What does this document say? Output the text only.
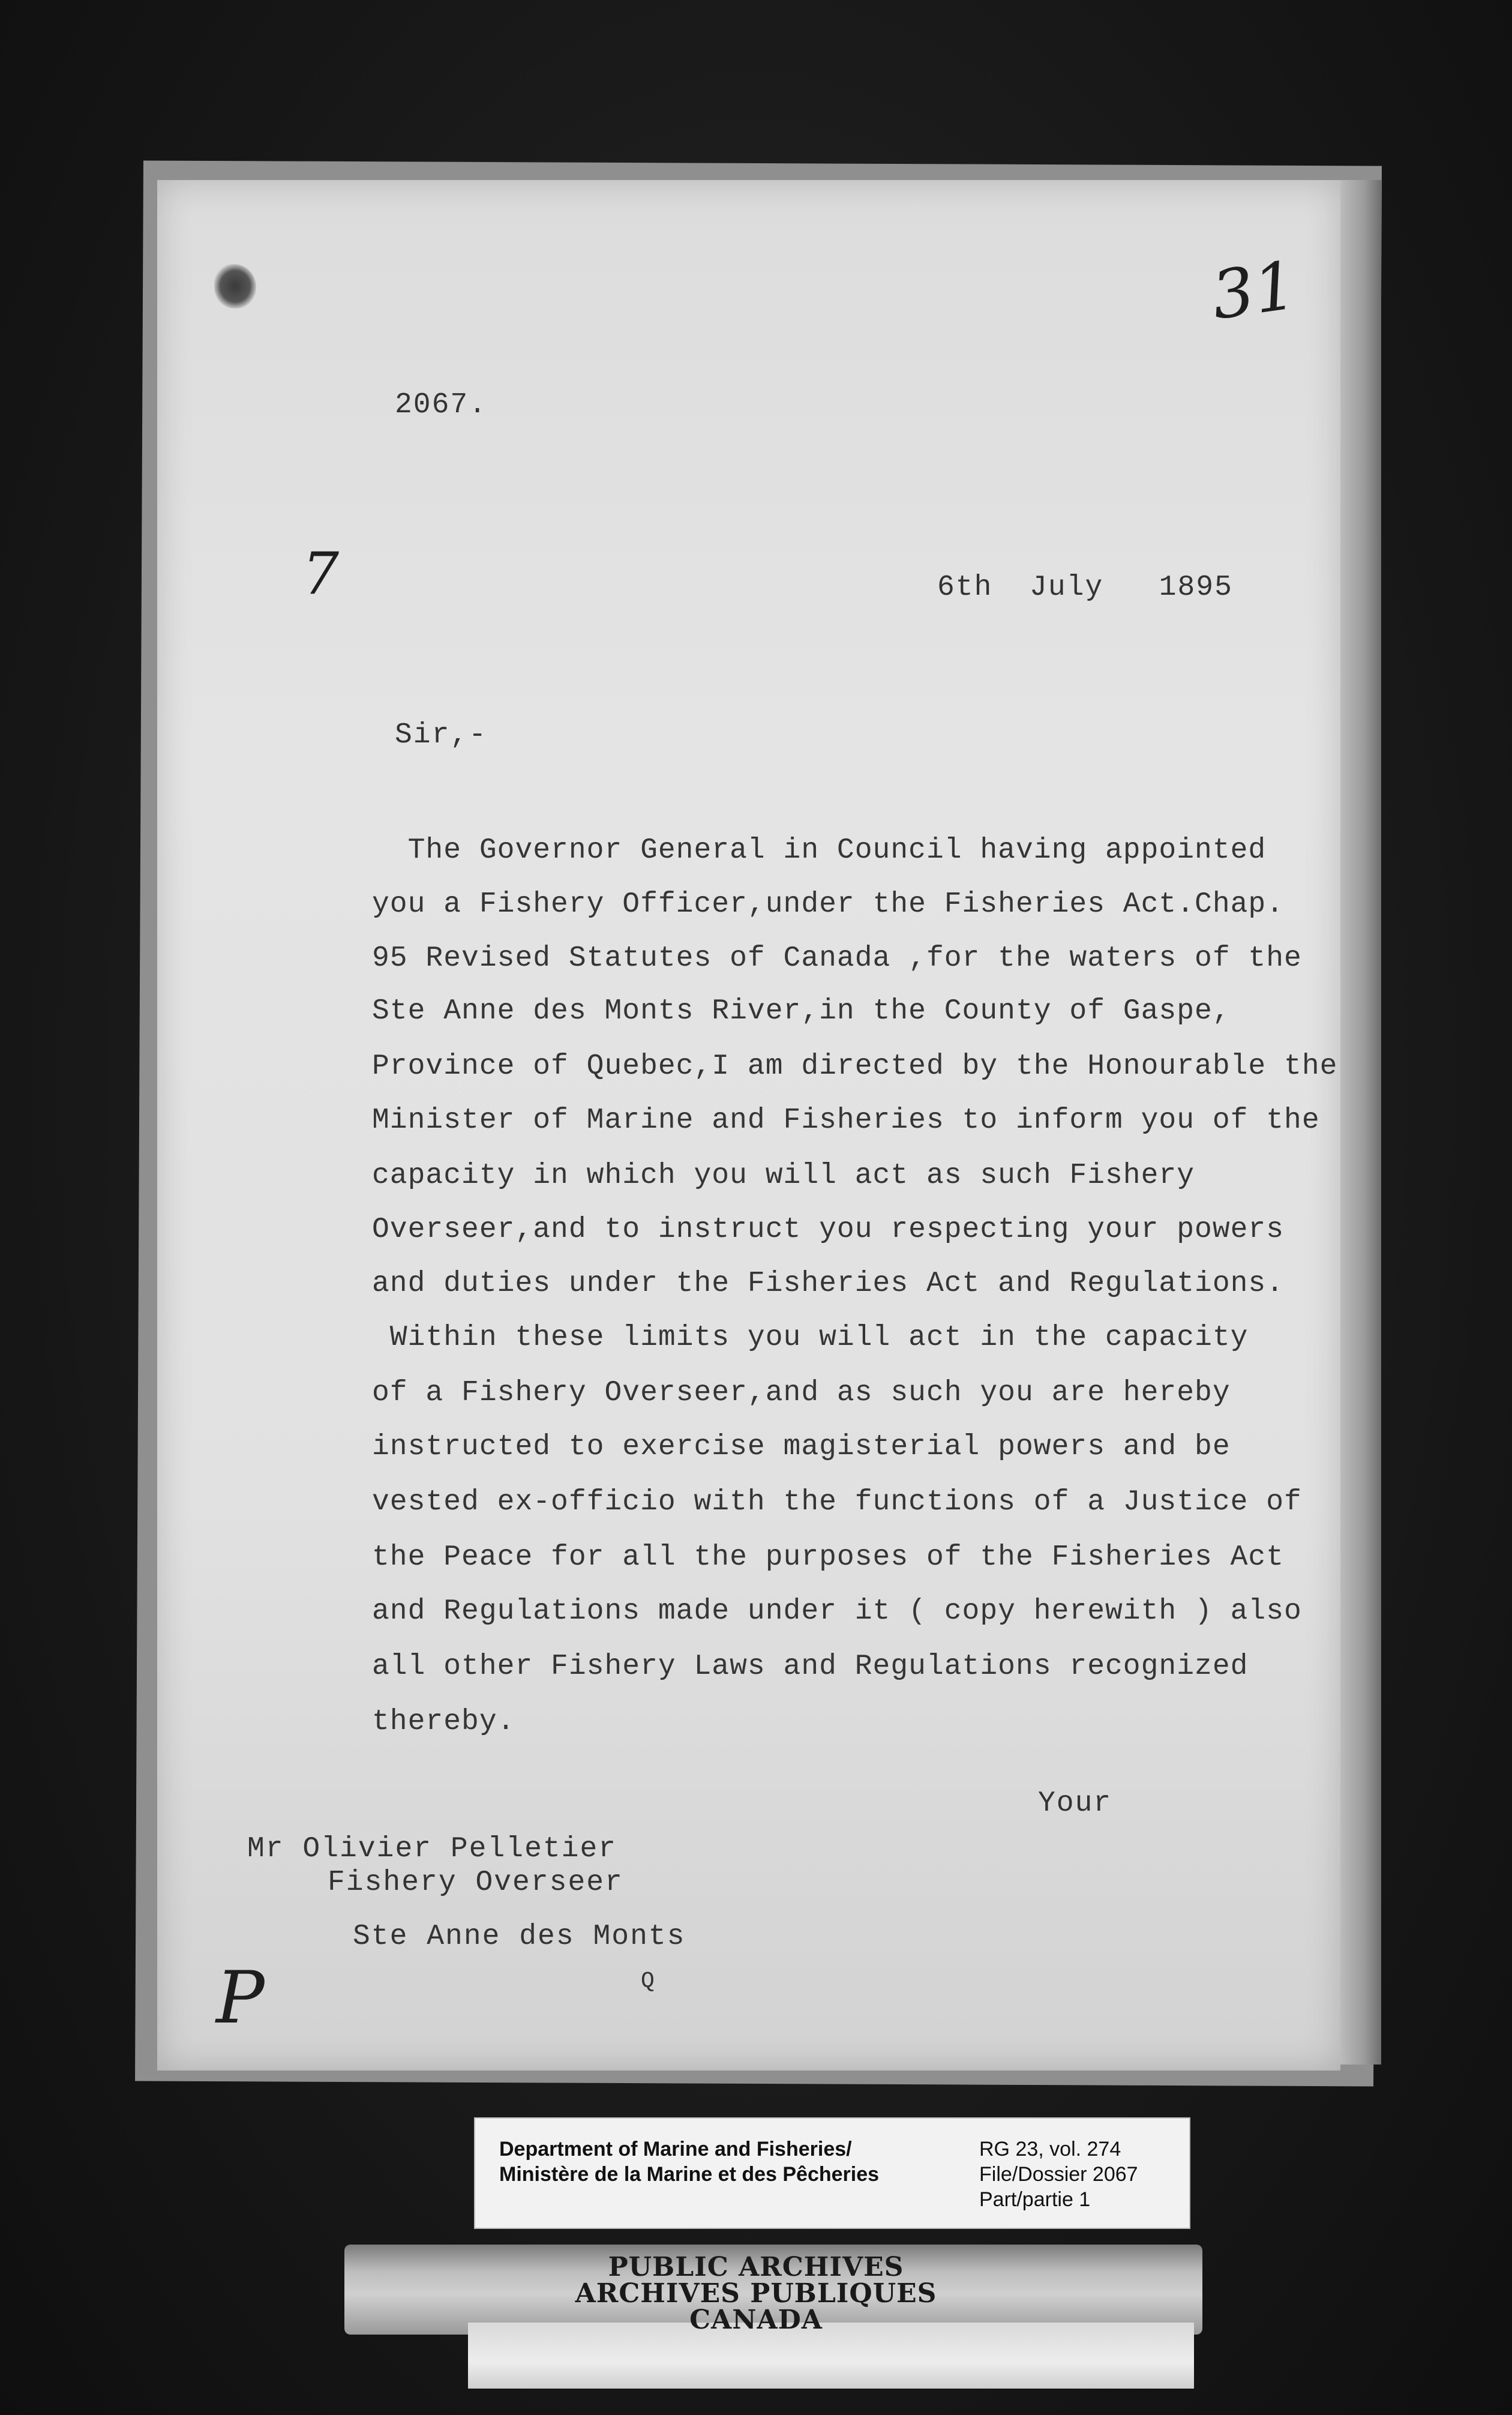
31
2067.
7	6th  July   1895
Sir,-
The Governor General in Council having appointed
you a Fishery Officer,under the Fisheries Act.Chap.
95 Revised Statutes of Canada ,for the waters of the
Ste Anne des Monts River,in the County of Gaspe,
Province of Quebec,I am directed by the Honourable the
Minister of Marine and Fisheries to inform you of the
capacity in which you will act as such Fishery
Overseer,and to instruct you respecting your powers
and duties under the Fisheries Act and Regulations.
Within these limits you will act in the capacity
of a Fishery Overseer,and as such you are hereby
instructed to exercise magisterial powers and be
vested ex-officio with the functions of a Justice of
the Peace for all the purposes of the Fisheries Act
and Regulations made under it ( copy herewith ) also
all other Fishery Laws and Regulations recognized
thereby.
Your
Mr Olivier Pelletier
Fishery Overseer
Ste Anne des Monts
Q
P
Department of Marine and Fisheries/
Ministère de la Marine et des Pêcheries
RG 23, vol. 274
File/Dossier 2067
Part/partie 1
PUBLIC ARCHIVES
ARCHIVES PUBLIQUES
CANADA
